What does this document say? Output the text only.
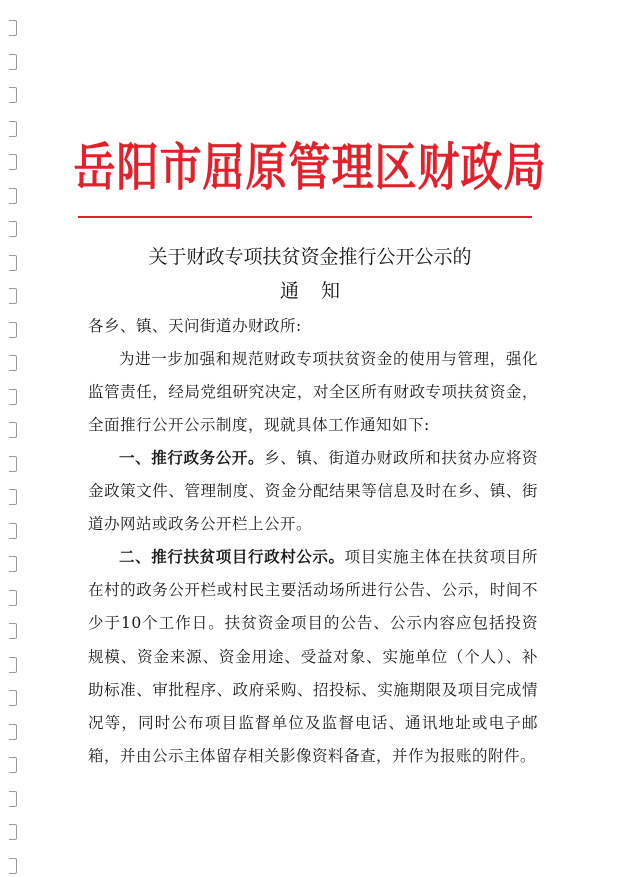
岳阳市屈原管理区财政局
关于财政专项扶贫资金推行公开公示的
通知
各乡、镇、天问街道办财政所:

为进一步加强和规范财政专项扶贫资金的使用与管理，强化监管责任，经局党组研究决定，对全区所有财政专项扶贫资金，全面推行公开公示制度，现就具体工作通知如下:

一、推行政务公开。乡、镇、街道办财政所和扶贫办应将资金政策文件、管理制度、资金分配结果等信息及时在乡、镇、街道办网站或政务公开栏上公开。

二、推行扶贫项目行政村公示。项目实施主体在扶贫项目所在村的政务公开栏或村民主要活动场所进行公告、公示，时间不少于10个工作日。扶贫资金项目的公告、公示内容应包括投资规模、资金来源、资金用途、受益对象、实施单位（个人）、补助标准、审批程序、政府采购、招投标、实施期限及项目完成情况等，同时公布项目监督单位及监督电话、通讯地址或电子邮箱，并由公示主体留存相关影像资料备查，并作为报账的附件。
